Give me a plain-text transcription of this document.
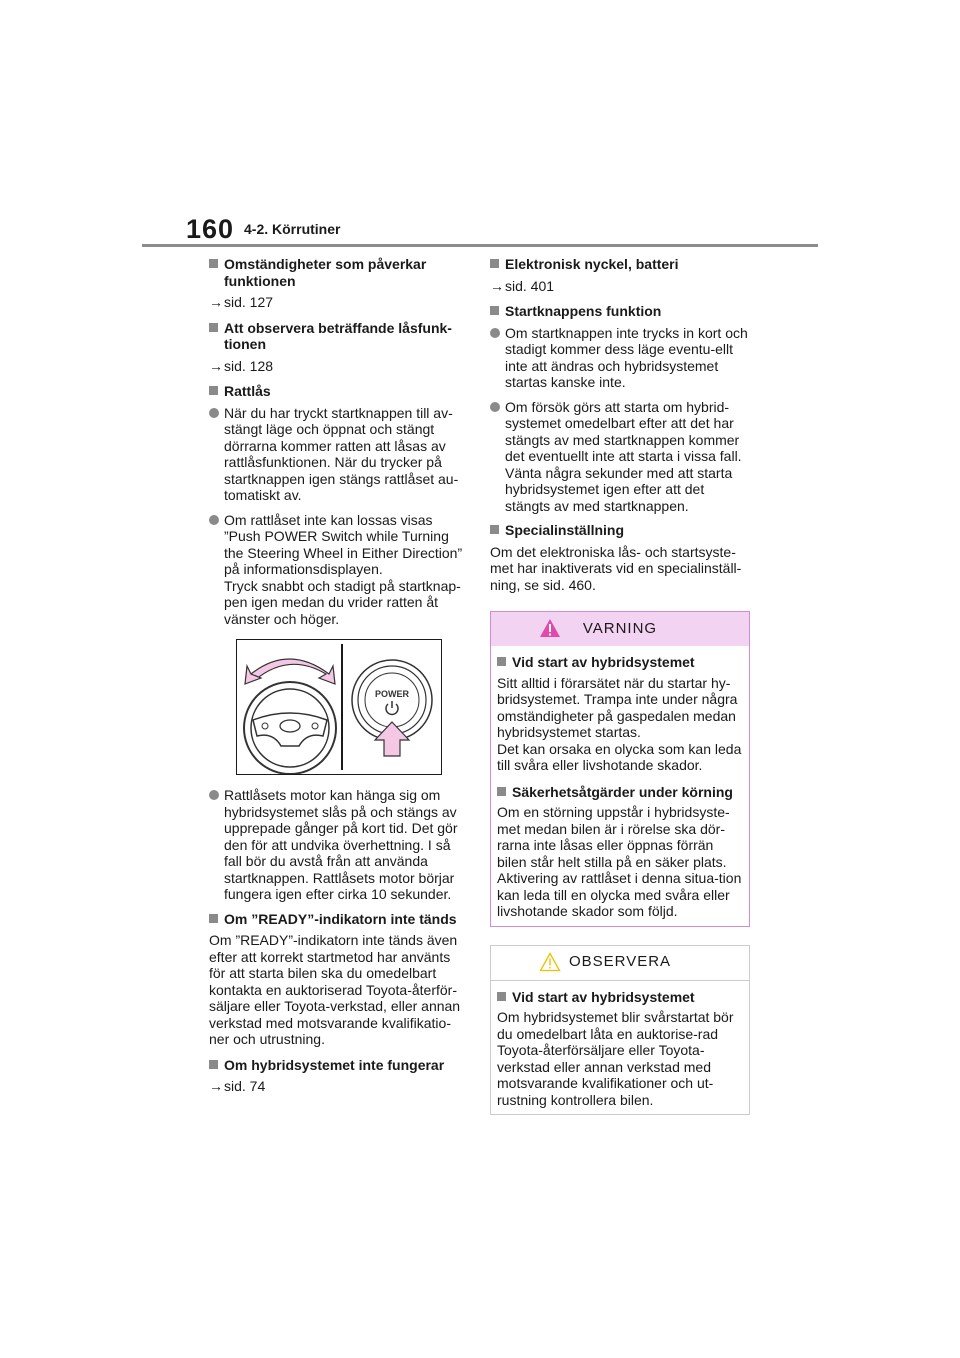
160 4-2. Körrutiner
Omständigheter som påverkar funktionen
→sid. 127
Att observera beträffande låsfunk-tionen
→sid. 128
Rattlås
När du har tryckt startknappen till av-stängt läge och öppnat och stängt dörrarna kommer ratten att låsas av rattlåsfunktionen. När du trycker på startknappen igen stängs rattlåset au-tomatiskt av.
Om rattlåset inte kan lossas visas ”Push POWER Switch while Turning the Steering Wheel in Either Direction” på informationsdisplayen.
Tryck snabbt och stadigt på startknap-pen igen medan du vrider ratten åt vänster och höger.
POWER
Rattlåsets motor kan hänga sig om hybridsystemet slås på och stängs av upprepade gånger på kort tid. Det gör den för att undvika överhettning. I så fall bör du avstå från att använda startknappen. Rattlåsets motor börjar fungera igen efter cirka 10 sekunder.
Om ”READY”-indikatorn inte tänds
Om ”READY”-indikatorn inte tänds även efter att korrekt startmetod har använts för att starta bilen ska du omedelbart kontakta en auktoriserad Toyota-återför-säljare eller Toyota-verkstad, eller annan verkstad med motsvarande kvalifikatio-ner och utrustning.
Om hybridsystemet inte fungerar
→sid. 74
Elektronisk nyckel, batteri
→sid. 401
Startknappens funktion
Om startknappen inte trycks in kort och stadigt kommer dess läge eventu-ellt inte att ändras och hybridsystemet startas kanske inte.
Om försök görs att starta om hybrid-systemet omedelbart efter att det har stängts av med startknappen kommer det eventuellt inte att starta i vissa fall. Vänta några sekunder med att starta hybridsystemet igen efter att det stängts av med startknappen.
Specialinställning
Om det elektroniska lås- och startsyste-met har inaktiverats vid en specialinställ-ning, se sid. 460.
VARNING
Vid start av hybridsystemet
Sitt alltid i förarsätet när du startar hy-bridsystemet. Trampa inte under några omständigheter på gaspedalen medan hybridsystemet startas.
Det kan orsaka en olycka som kan leda till svåra eller livshotande skador.
Säkerhetsåtgärder under körning
Om en störning uppstår i hybridsyste-met medan bilen är i rörelse ska dör-rarna inte låsas eller öppnas förrän bilen står helt stilla på en säker plats. Aktivering av rattlåset i denna situa-tion kan leda till en olycka med svåra eller livshotande skador som följd.
OBSERVERA
Vid start av hybridsystemet
Om hybridsystemet blir svårstartat bör du omedelbart låta en auktorise-rad Toyota-återförsäljare eller Toyota-verkstad eller annan verkstad med motsvarande kvalifikationer och ut-rustning kontrollera bilen.
